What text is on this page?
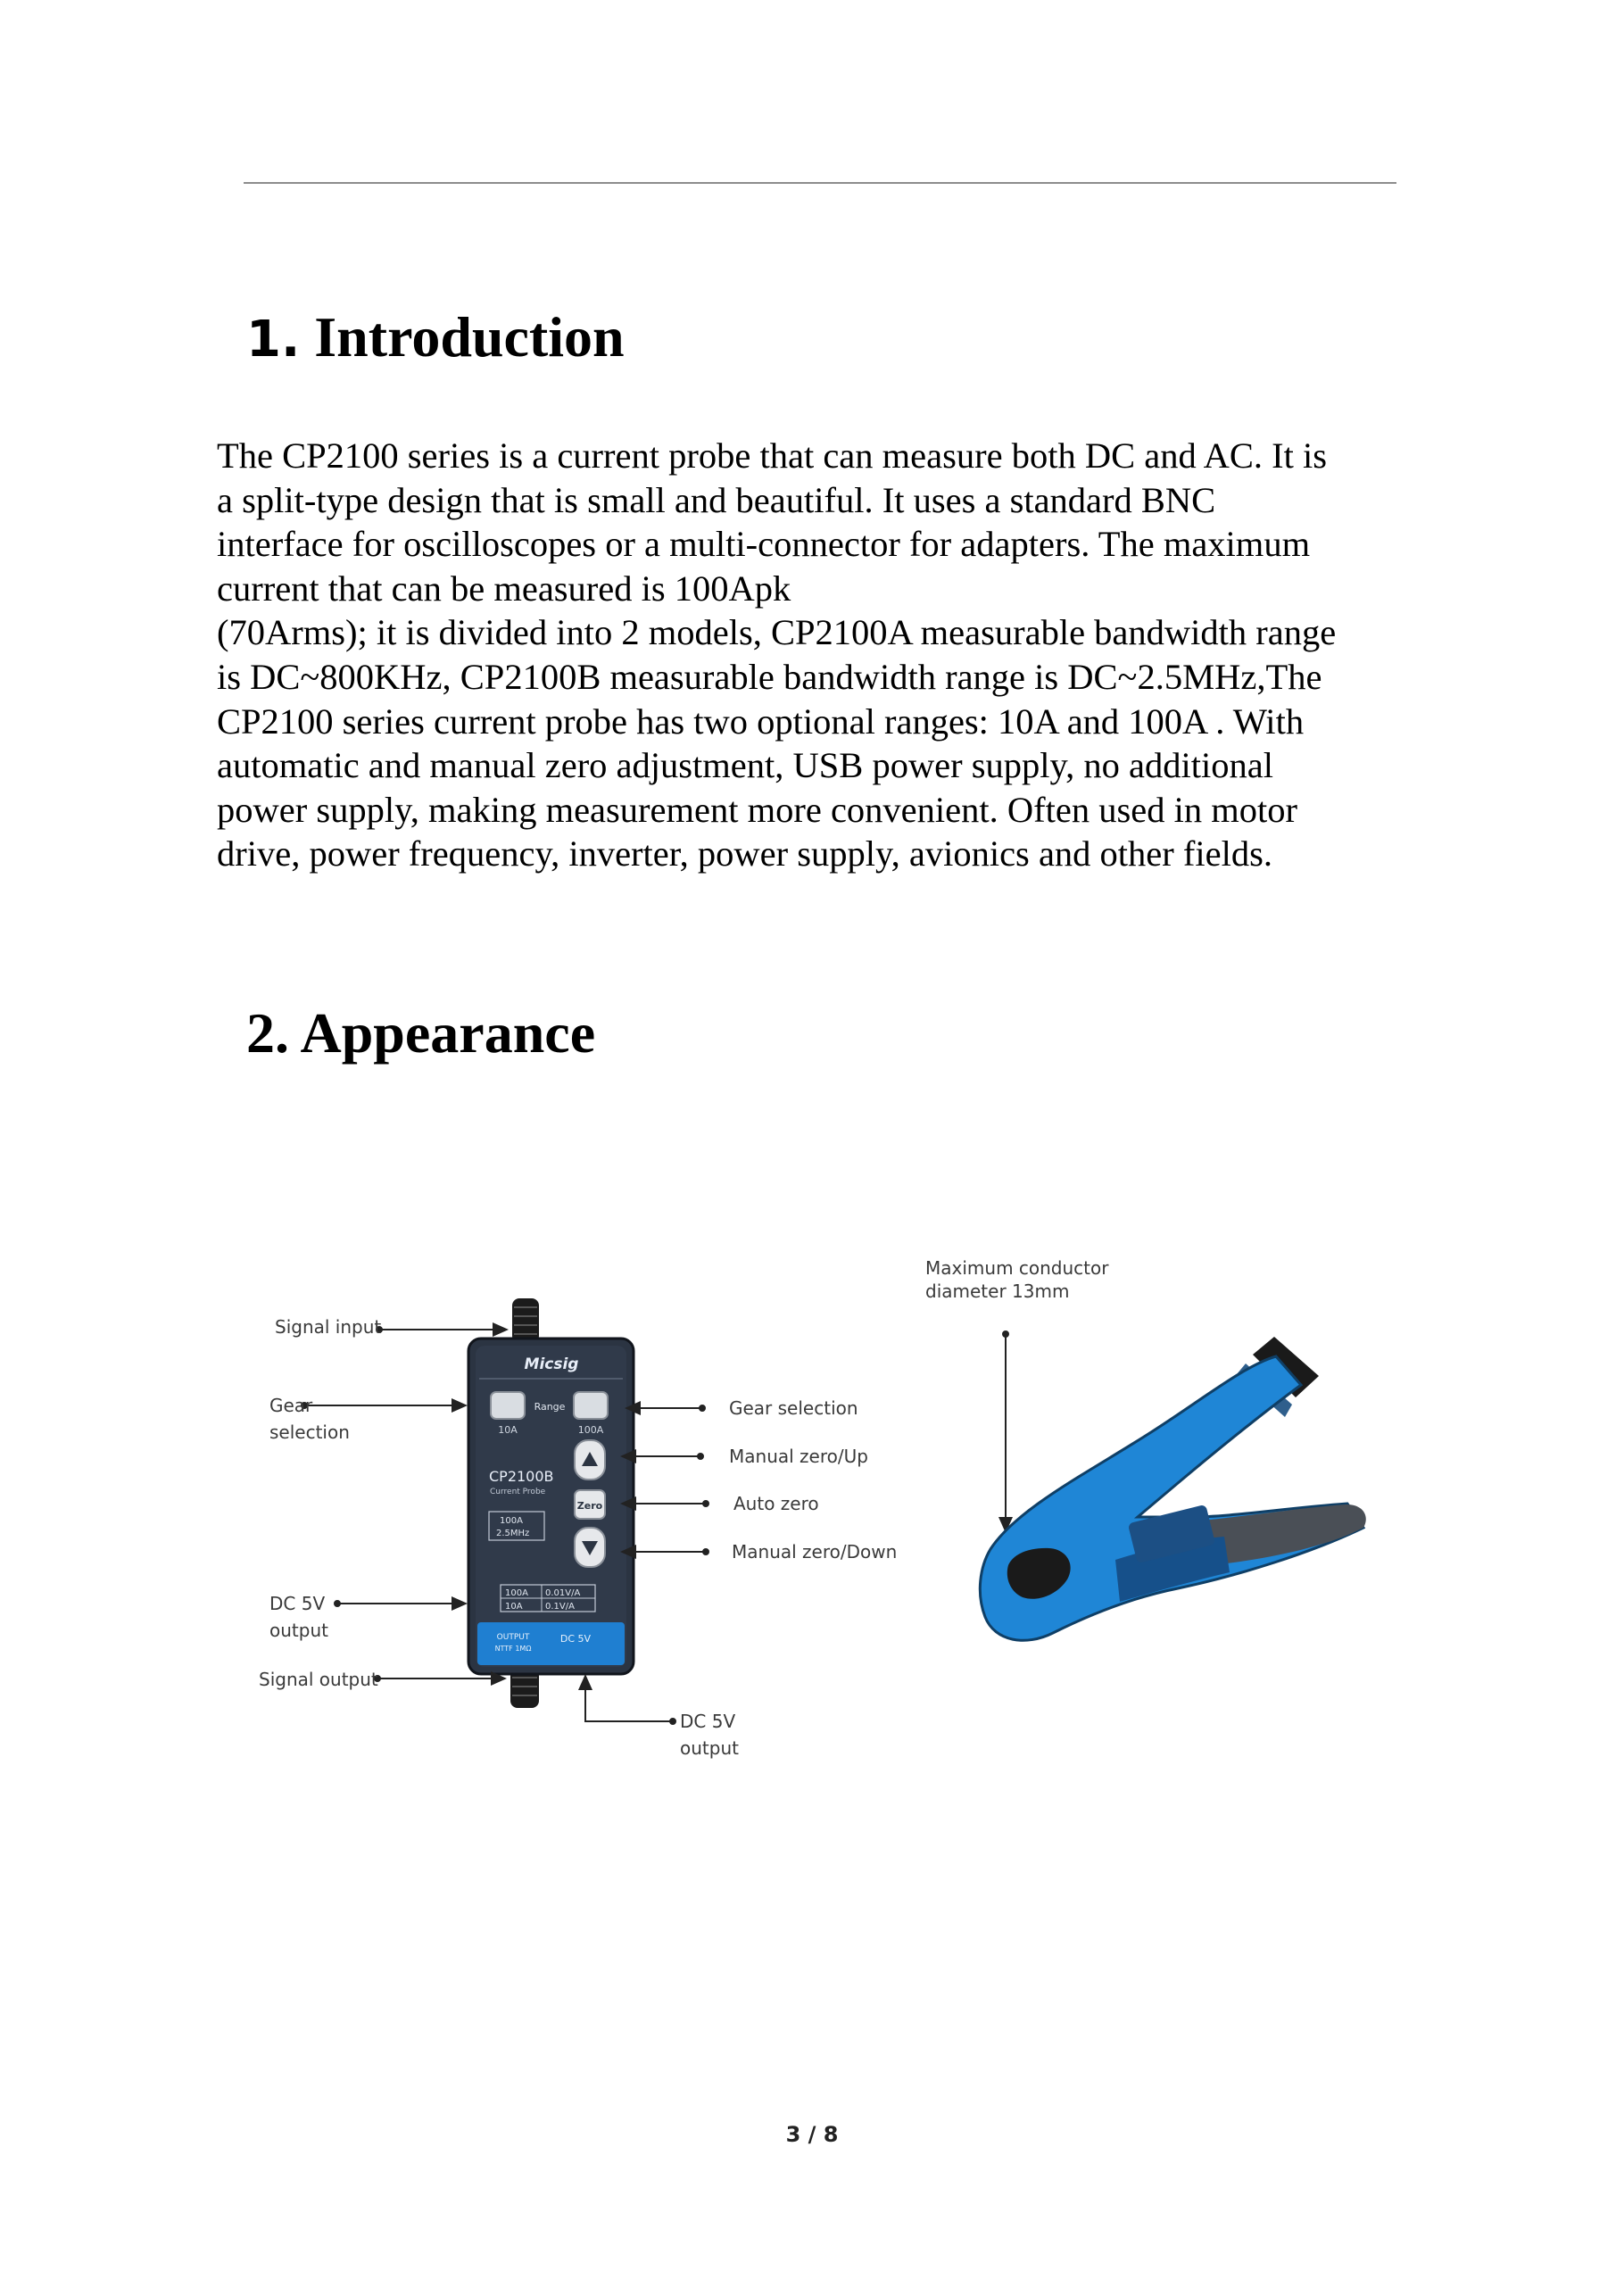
1. Introduction
The CP2100 series is a current probe that can measure both DC and AC. It is
a split-type design that is small and beautiful. It uses a standard BNC
interface for oscilloscopes or a multi-connector for adapters. The maximum
current that can be measured is 100Apk
(70Arms); it is divided into 2 models, CP2100A measurable bandwidth range
is DC~800KHz, CP2100B measurable bandwidth range is DC~2.5MHz,The
CP2100 series current probe has two optional ranges: 10A and 100A . With
automatic and manual zero adjustment, USB power supply, no additional
power supply, making measurement more convenient. Often used in motor
drive, power frequency, inverter, power supply, avionics and other fields.
2. Appearance
Micsig
Range
10A	100A
Zero
CP2100B
Current Probe
100A
2.5MHz
100A 0.01V/A
10A	0.1V/A
OUTPUT
NTTF 1MΩ
DC 5V
Signal input
Gear
selection
DC 5V
output
Signal output
Gear selection
Manual zero/Up
Auto zero
Manual zero/Down
DC 5V
output
Maximum conductor
diameter 13mm
3 / 8
